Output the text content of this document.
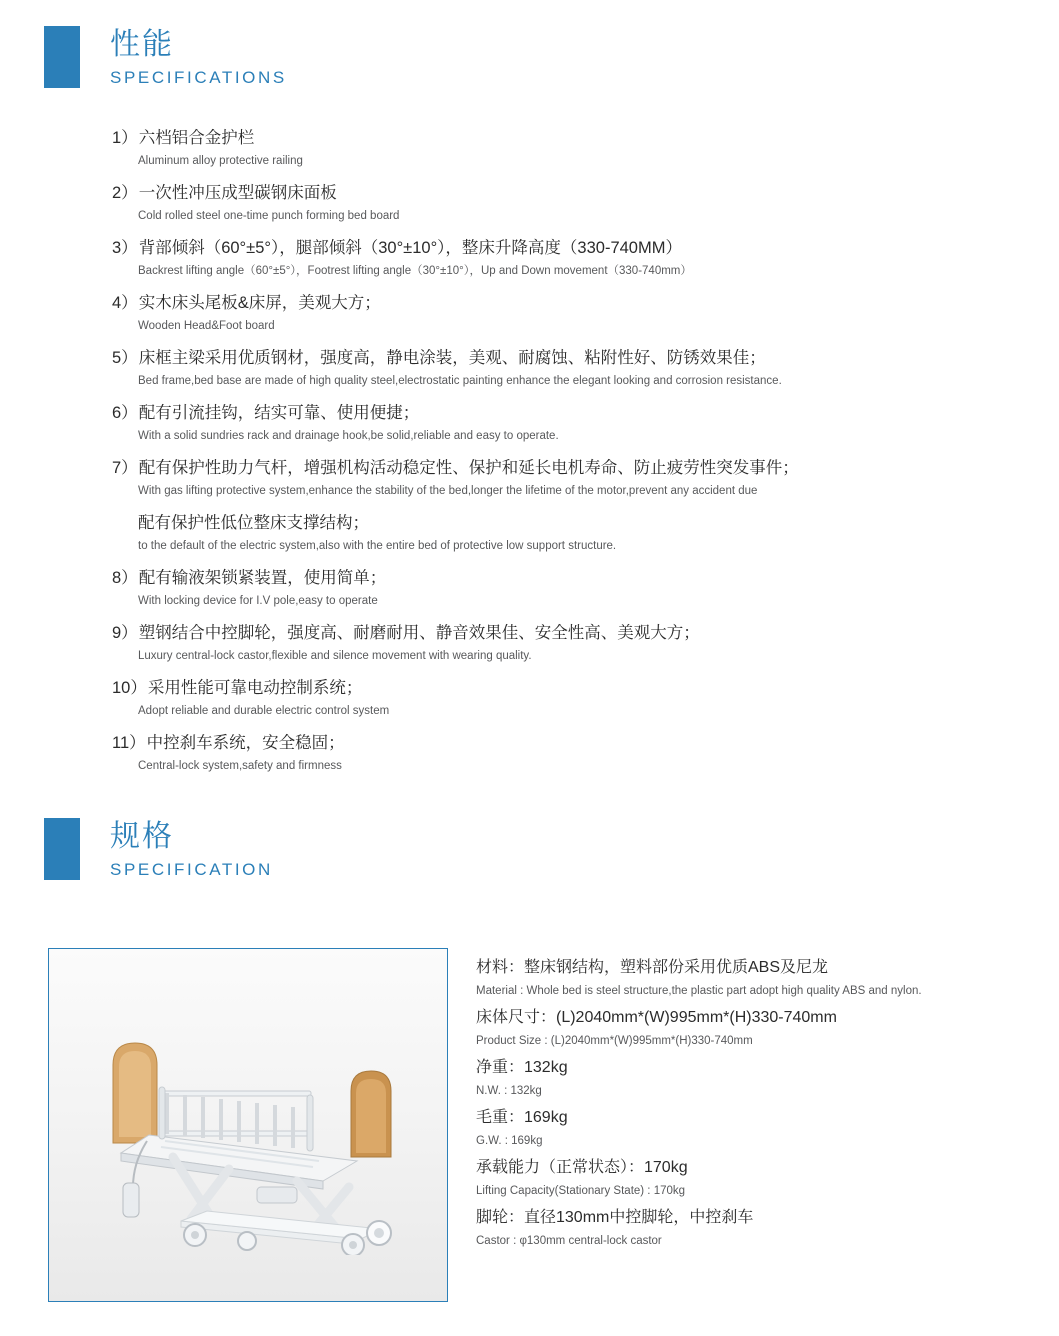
性能
SPECIFICATIONS
1）六档铝合金护栏
Aluminum alloy protective railing
2）一次性冲压成型碳钢床面板
Cold rolled steel one-time punch forming bed board
3）背部倾斜（60°±5°），腿部倾斜（30°±10°），整床升降高度（330-740MM）
Backrest lifting angle（60°±5°），Footrest lifting angle（30°±10°），Up and Down movement（330-740mm）
4）实木床头尾板&床屏，美观大方；
Wooden Head&Foot board
5）床框主梁采用优质钢材，强度高，静电涂装，美观、耐腐蚀、粘附性好、防锈效果佳；
Bed frame,bed base are made of high quality steel,electrostatic painting enhance the elegant looking and corrosion resistance.
6）配有引流挂钩，结实可靠、使用便捷；
With a solid sundries rack and drainage hook,be solid,reliable and easy to operate.
7）配有保护性助力气杆，增强机构活动稳定性、保护和延长电机寿命、防止疲劳性突发事件；
With gas lifting protective system,enhance the stability of the bed,longer the lifetime of the motor,prevent any accident due
配有保护性低位整床支撑结构；
to the default of the electric system,also with the entire bed of protective low support structure.
8）配有输液架锁紧装置，使用简单；
With locking device for I.V pole,easy to operate
9）塑钢结合中控脚轮，强度高、耐磨耐用、静音效果佳、安全性高、美观大方；
Luxury central-lock castor,flexible and silence movement with wearing quality.
10）采用性能可靠电动控制系统；
Adopt reliable and durable electric control system
11）中控刹车系统，安全稳固；
Central-lock system,safety and firmness
规格
SPECIFICATION
材料：整床钢结构，塑料部份采用优质ABS及尼龙
Material : Whole bed is steel structure,the plastic part adopt high quality ABS and nylon.
床体尺寸：(L)2040mm*(W)995mm*(H)330-740mm
Product Size : (L)2040mm*(W)995mm*(H)330-740mm
净重：132kg
N.W. : 132kg
毛重：169kg
G.W. : 169kg
承载能力（正常状态）：170kg
Lifting Capacity(Stationary State) : 170kg
脚轮：直径130mm中控脚轮，中控刹车
Castor : φ130mm central-lock castor
